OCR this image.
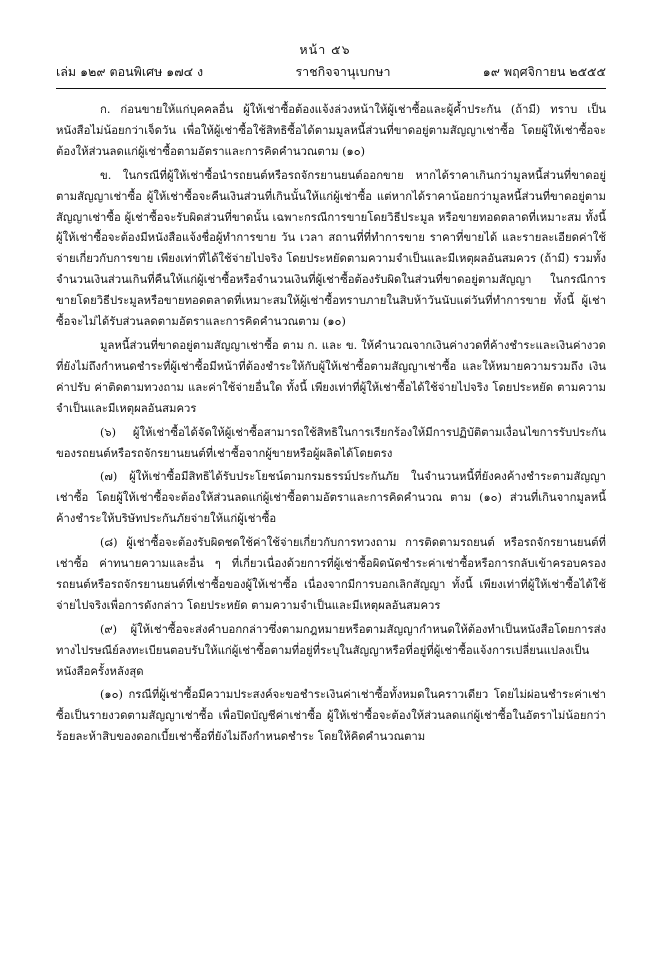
หน้า ๕๖
เล่ม ๑๒๙ ตอนพิเศษ ๑๗๔ ง	ราชกิจจานุเบกษา	๑๙ พฤศจิกายน ๒๕๕๕

ก. ก่อนขายให้แก่บุคคลอื่น ผู้ให้เช่าซื้อต้องแจ้งล่วงหน้าให้ผู้เช่าซื้อและผู้ค้ำประกัน (ถ้ามี) ทราบ เป็นหนังสือไม่น้อยกว่าเจ็ดวัน เพื่อให้ผู้เช่าซื้อใช้สิทธิซื้อได้ตามมูลหนี้ส่วนที่ขาดอยู่ตามสัญญาเช่าซื้อ โดยผู้ให้เช่าซื้อจะต้องให้ส่วนลดแก่ผู้เช่าซื้อตามอัตราและการคิดคำนวณตาม (๑๐)

ข. ในกรณีที่ผู้ให้เช่าซื้อนำรถยนต์หรือรถจักรยานยนต์ออกขาย หากได้ราคาเกินกว่ามูลหนี้ส่วนที่ขาดอยู่ตามสัญญาเช่าซื้อ ผู้ให้เช่าซื้อจะคืนเงินส่วนที่เกินนั้นให้แก่ผู้เช่าซื้อ แต่หากได้ราคาน้อยกว่ามูลหนี้ส่วนที่ขาดอยู่ตามสัญญาเช่าซื้อ ผู้เช่าซื้อจะรับผิดส่วนที่ขาดนั้น เฉพาะกรณีการขายโดยวิธีประมูล หรือขายทอดตลาดที่เหมาะสม ทั้งนี้ ผู้ให้เช่าซื้อจะต้องมีหนังสือแจ้งชื่อผู้ทำการขาย วัน เวลา สถานที่ที่ทำการขาย ราคาที่ขายได้ และรายละเอียดค่าใช้จ่ายเกี่ยวกับการขาย เพียงเท่าที่ได้ใช้จ่ายไปจริง โดยประหยัดตามความจำเป็นและมีเหตุผลอันสมควร (ถ้ามี) รวมทั้งจำนวนเงินส่วนเกินที่คืนให้แก่ผู้เช่าซื้อหรือจำนวนเงินที่ผู้เช่าซื้อต้องรับผิดในส่วนที่ขาดอยู่ตามสัญญา ในกรณีการขายโดยวิธีประมูลหรือขายทอดตลาดที่เหมาะสมให้ผู้เช่าซื้อทราบภายในสิบห้าวันนับแต่วันที่ทำการขาย ทั้งนี้ ผู้เช่าซื้อจะไม่ได้รับส่วนลดตามอัตราและการคิดคำนวณตาม (๑๐)

มูลหนี้ส่วนที่ขาดอยู่ตามสัญญาเช่าซื้อ ตาม ก. และ ข. ให้คำนวณจากเงินค่างวดที่ค้างชำระและเงินค่างวดที่ยังไม่ถึงกำหนดชำระที่ผู้เช่าซื้อมีหน้าที่ต้องชำระให้กับผู้ให้เช่าซื้อตามสัญญาเช่าซื้อ และให้หมายความรวมถึง เงินค่าปรับ ค่าติดตามทวงถาม และค่าใช้จ่ายอื่นใด ทั้งนี้ เพียงเท่าที่ผู้ให้เช่าซื้อได้ใช้จ่ายไปจริง โดยประหยัด ตามความจำเป็นและมีเหตุผลอันสมควร

(๖) ผู้ให้เช่าซื้อได้จัดให้ผู้เช่าซื้อสามารถใช้สิทธิในการเรียกร้องให้มีการปฏิบัติตามเงื่อนไขการรับประกันของรถยนต์หรือรถจักรยานยนต์ที่เช่าซื้อจากผู้ขายหรือผู้ผลิตได้โดยตรง

(๗) ผู้ให้เช่าซื้อมีสิทธิได้รับประโยชน์ตามกรมธรรม์ประกันภัย ในจำนวนหนี้ที่ยังคงค้างชำระตามสัญญาเช่าซื้อ โดยผู้ให้เช่าซื้อจะต้องให้ส่วนลดแก่ผู้เช่าซื้อตามอัตราและการคิดคำนวณ ตาม (๑๐) ส่วนที่เกินจากมูลหนี้ค้างชำระให้บริษัทประกันภัยจ่ายให้แก่ผู้เช่าซื้อ

(๘) ผู้เช่าซื้อจะต้องรับผิดชดใช้ค่าใช้จ่ายเกี่ยวกับการทวงถาม การติดตามรถยนต์ หรือรถจักรยานยนต์ที่เช่าซื้อ ค่าทนายความและอื่น ๆ ที่เกี่ยวเนื่องด้วยการที่ผู้เช่าซื้อผิดนัดชำระค่าเช่าซื้อหรือการกลับเข้าครอบครองรถยนต์หรือรถจักรยานยนต์ที่เช่าซื้อของผู้ให้เช่าซื้อ เนื่องจากมีการบอกเลิกสัญญา ทั้งนี้ เพียงเท่าที่ผู้ให้เช่าซื้อได้ใช้จ่ายไปจริงเพื่อการดังกล่าว โดยประหยัด ตามความจำเป็นและมีเหตุผลอันสมควร

(๙) ผู้ให้เช่าซื้อจะส่งคำบอกกล่าวซึ่งตามกฎหมายหรือตามสัญญากำหนดให้ต้องทำเป็นหนังสือโดยการส่งทางไปรษณีย์ลงทะเบียนตอบรับให้แก่ผู้เช่าซื้อตามที่อยู่ที่ระบุในสัญญาหรือที่อยู่ที่ผู้เช่าซื้อแจ้งการเปลี่ยนแปลงเป็นหนังสือครั้งหลังสุด

(๑๐) กรณีที่ผู้เช่าซื้อมีความประสงค์จะขอชำระเงินค่าเช่าซื้อทั้งหมดในคราวเดียว โดยไม่ผ่อนชำระค่าเช่าซื้อเป็นรายงวดตามสัญญาเช่าซื้อ เพื่อปิดบัญชีค่าเช่าซื้อ ผู้ให้เช่าซื้อจะต้องให้ส่วนลดแก่ผู้เช่าซื้อในอัตราไม่น้อยกว่าร้อยละห้าสิบของดอกเบี้ยเช่าซื้อที่ยังไม่ถึงกำหนดชำระ โดยให้คิดคำนวณตาม
